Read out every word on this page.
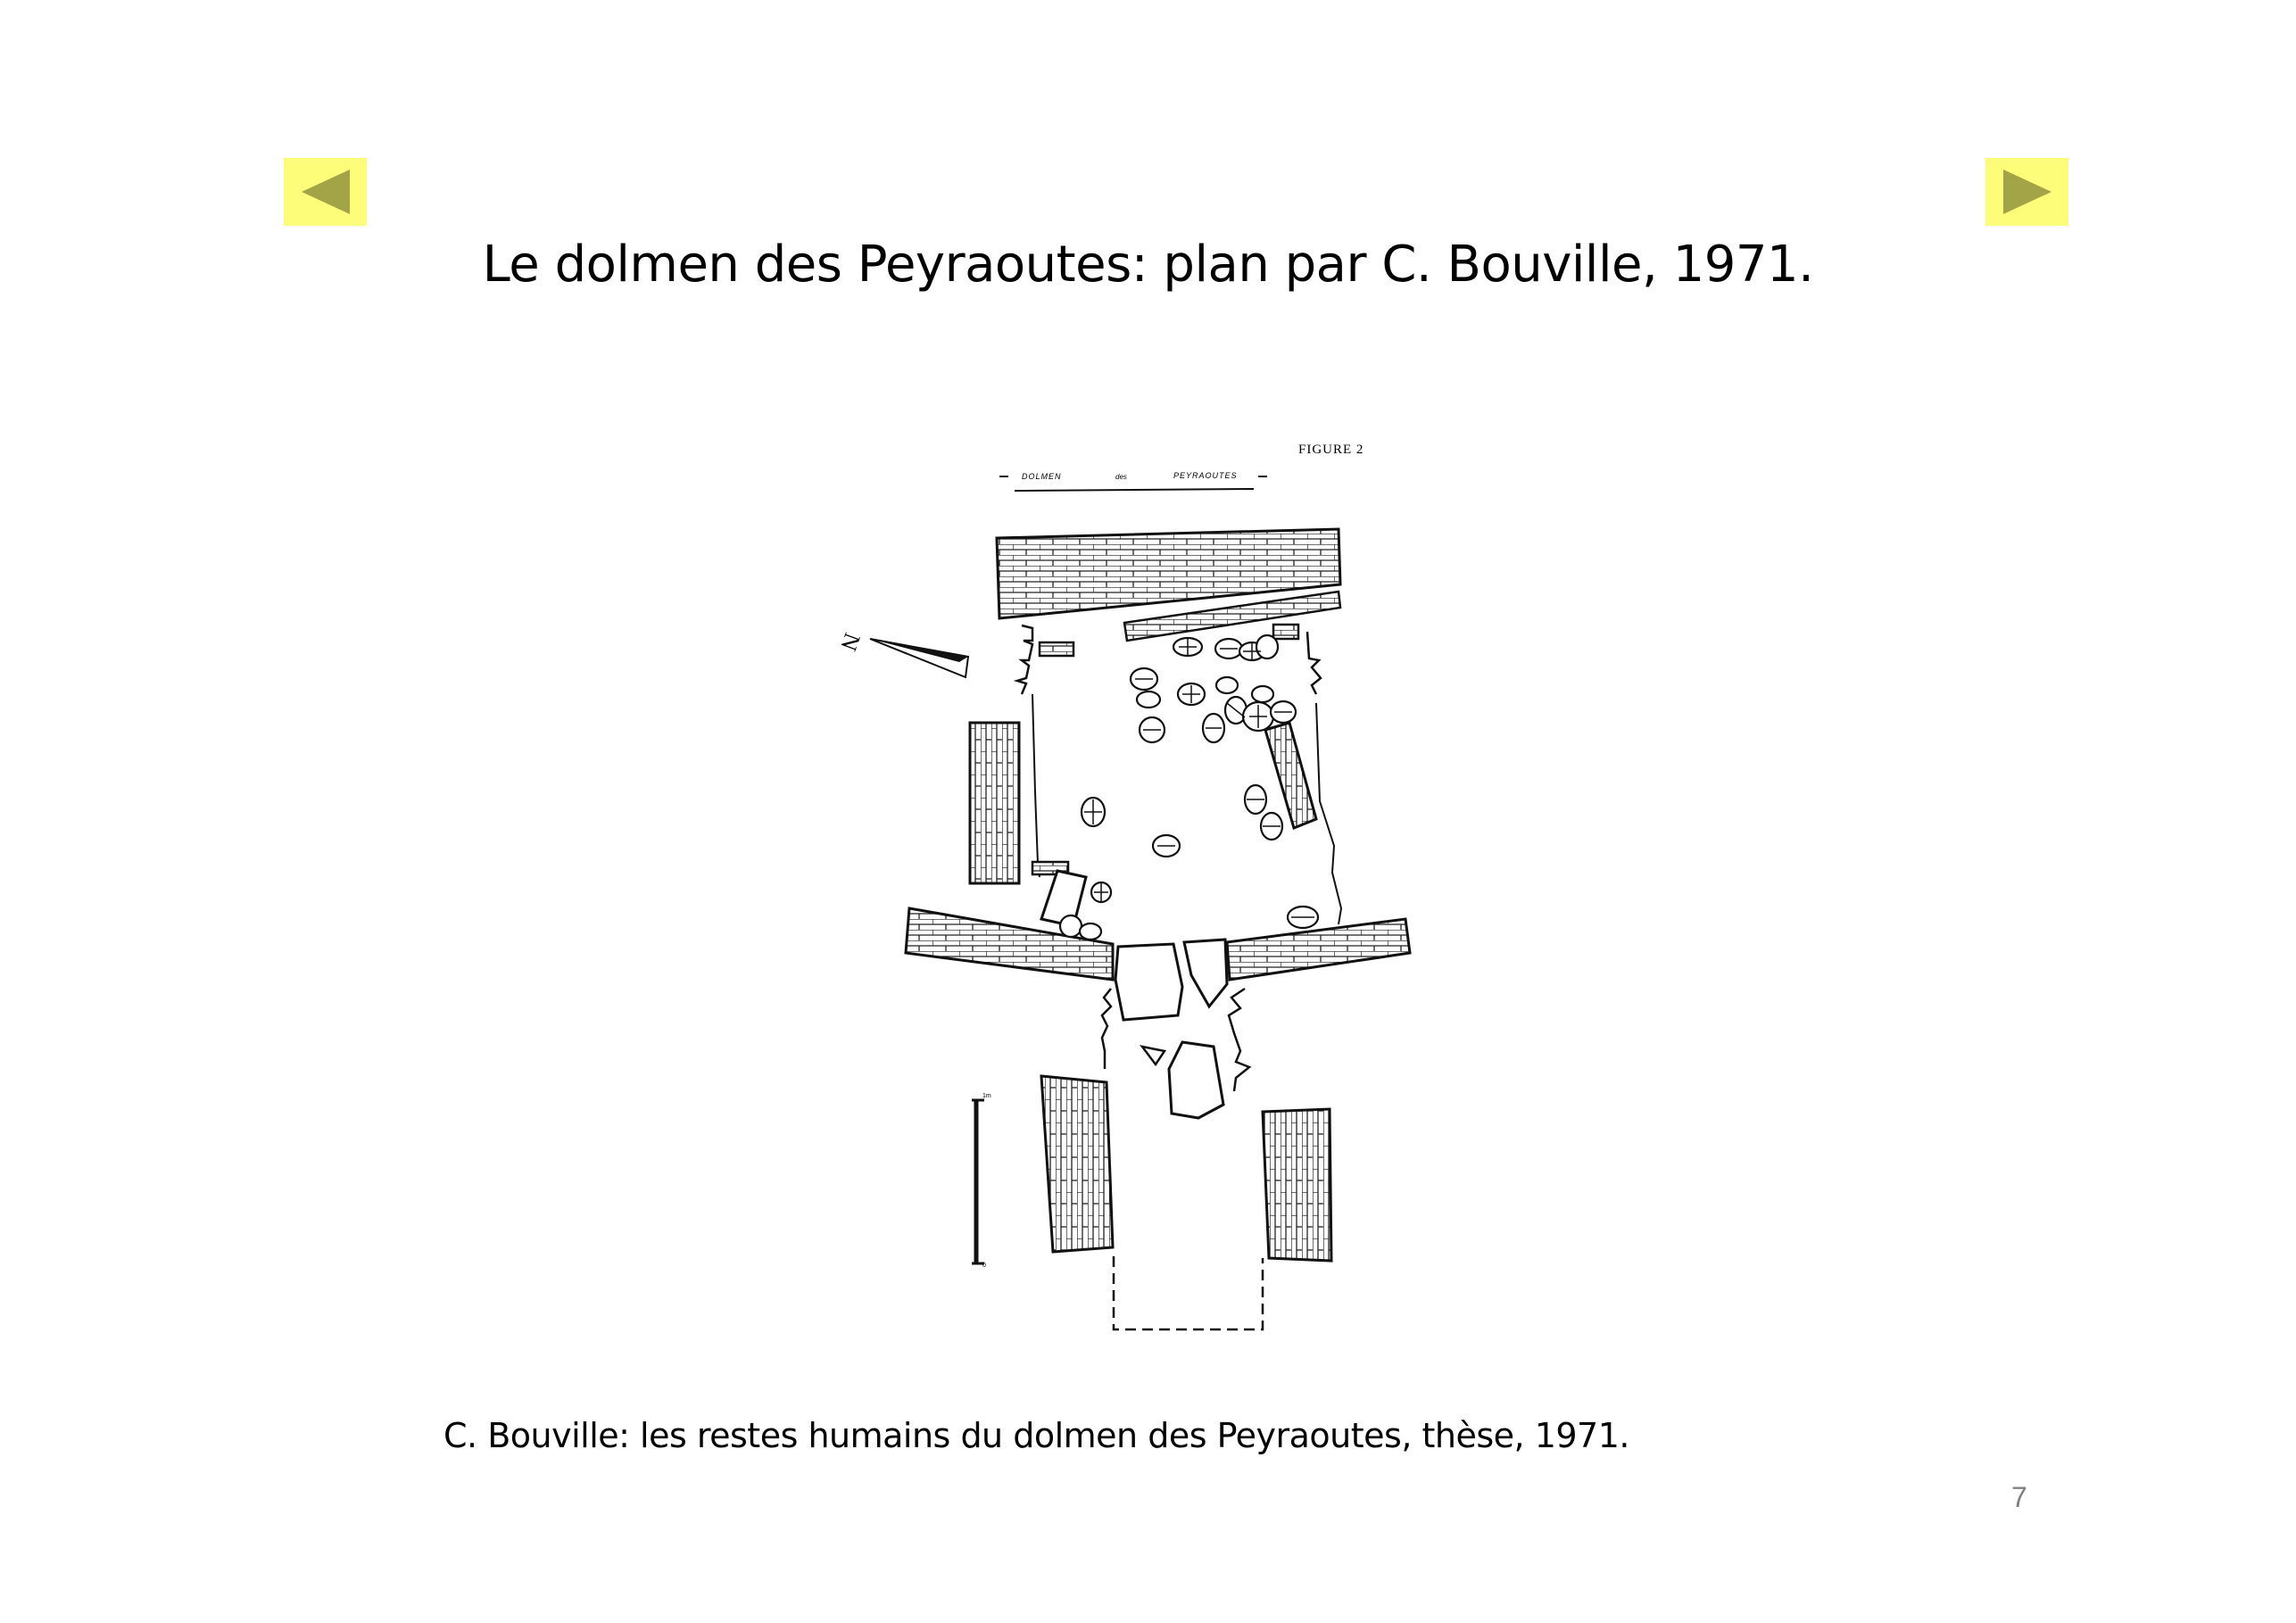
Le dolmen des Peyraoutes: plan par C. Bouville, 1971.
FIGURE 2
DOLMEN	des	PEYRAOUTES
N
1m
0
C. Bouville: les restes humains du dolmen des Peyraoutes, thèse, 1971.
7
